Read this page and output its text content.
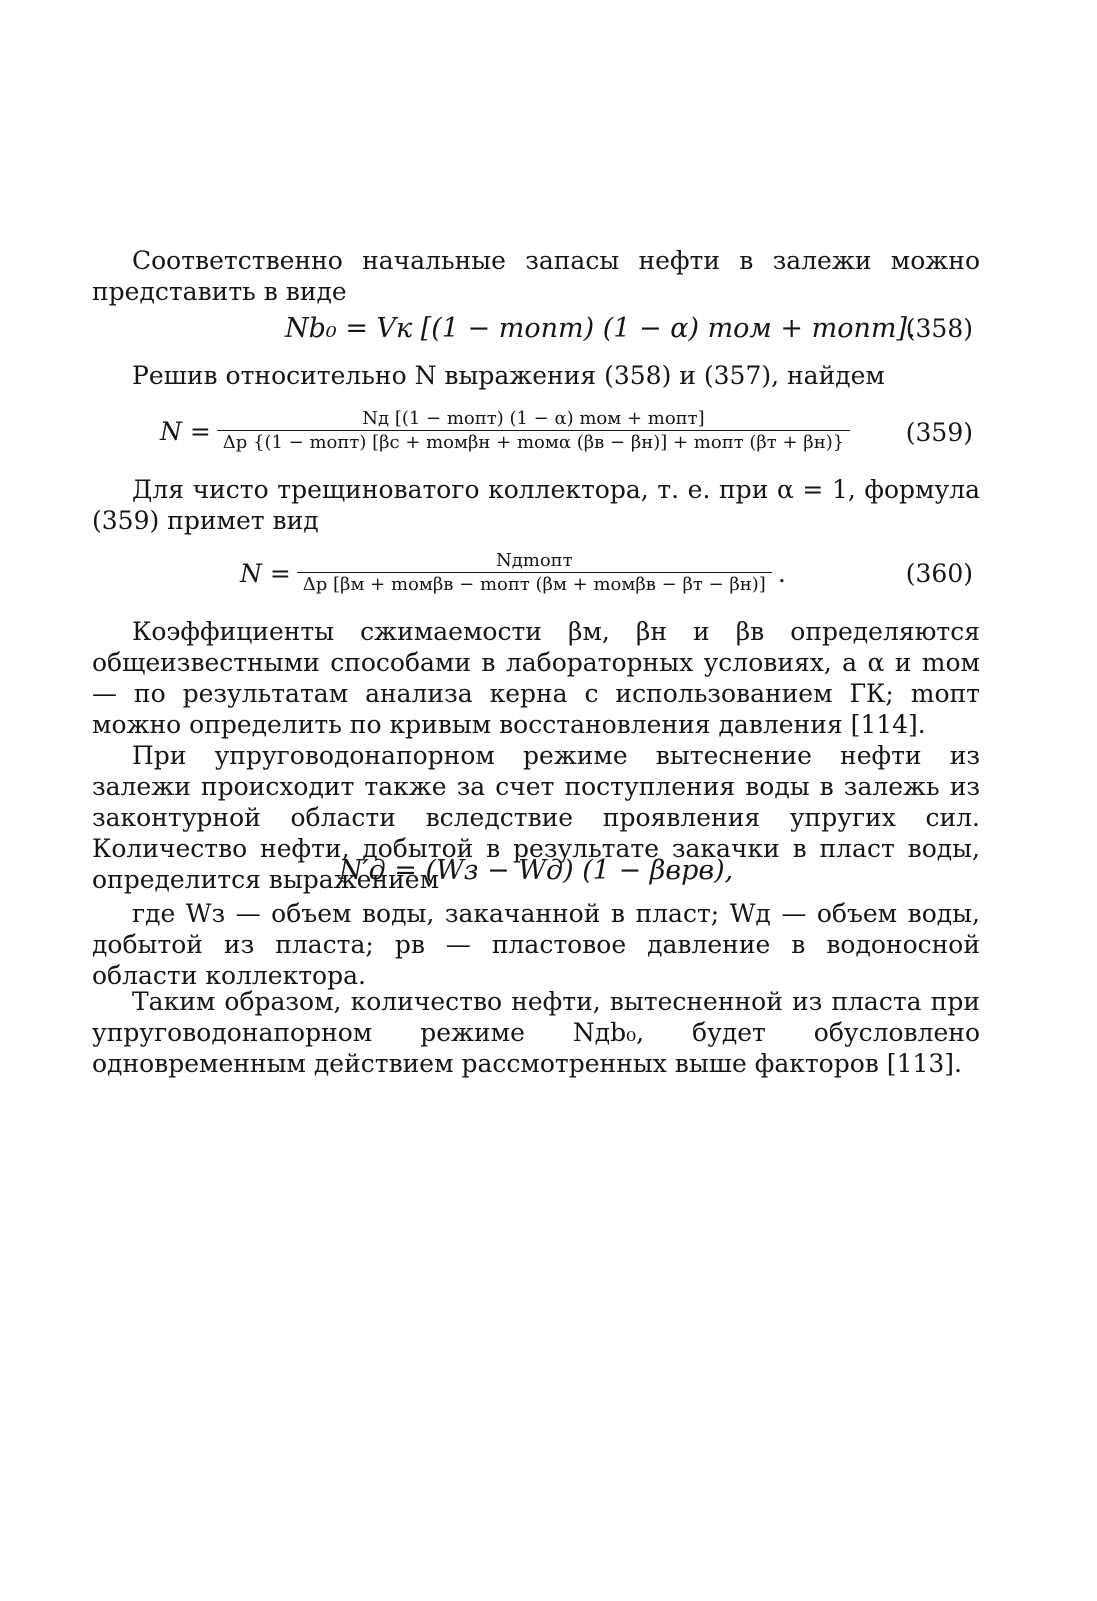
Соответственно начальные запасы нефти в залежи можно представить в виде

Nb₀ = Vк [(1 − mопт) (1 − α) mом + mопт].
(358)

Решив относительно N выражения (358) и (357), найдем

N =	Nд [(1 − mопт) (1 − α) mом + mопт]
Δp {(1 − mопт) [βс + mомβн + mомα (βв − βн)] + mопт (βт + βн)} (359)

Для чисто трещиноватого коллектора, т. е. при α = 1, формула (359) примет вид

$N = \frac{\text{Nдmопт}}{\text{Δp [βм + mомβв − mопт (βм + mомβв − βт − βн)]}}$ .	(360)

Коэффициенты сжимаемости βм, βн и βв определяются общеизвестными способами в лабораторных условиях, а α и mом — по результатам анализа керна с использованием ГК; mопт можно определить по кривым восстановления давления [114].

При упруговодонапорном режиме вытеснение нефти из залежи происходит также за счет поступления воды в залежь из законтурной области вследствие проявления упругих сил. Количество нефти, добытой в результате закачки в пласт воды, определится выражением

N′д = (Wз − Wд) (1 − βвpв),

где Wз — объем воды, закачанной в пласт; Wд — объем воды, добытой из пласта; pв — пластовое давление в водоносной области коллектора.

Таким образом, количество нефти, вытесненной из пласта при упруговодонапорном режиме Nдb₀, будет обусловлено одновременным действием рассмотренных выше факторов [113].
